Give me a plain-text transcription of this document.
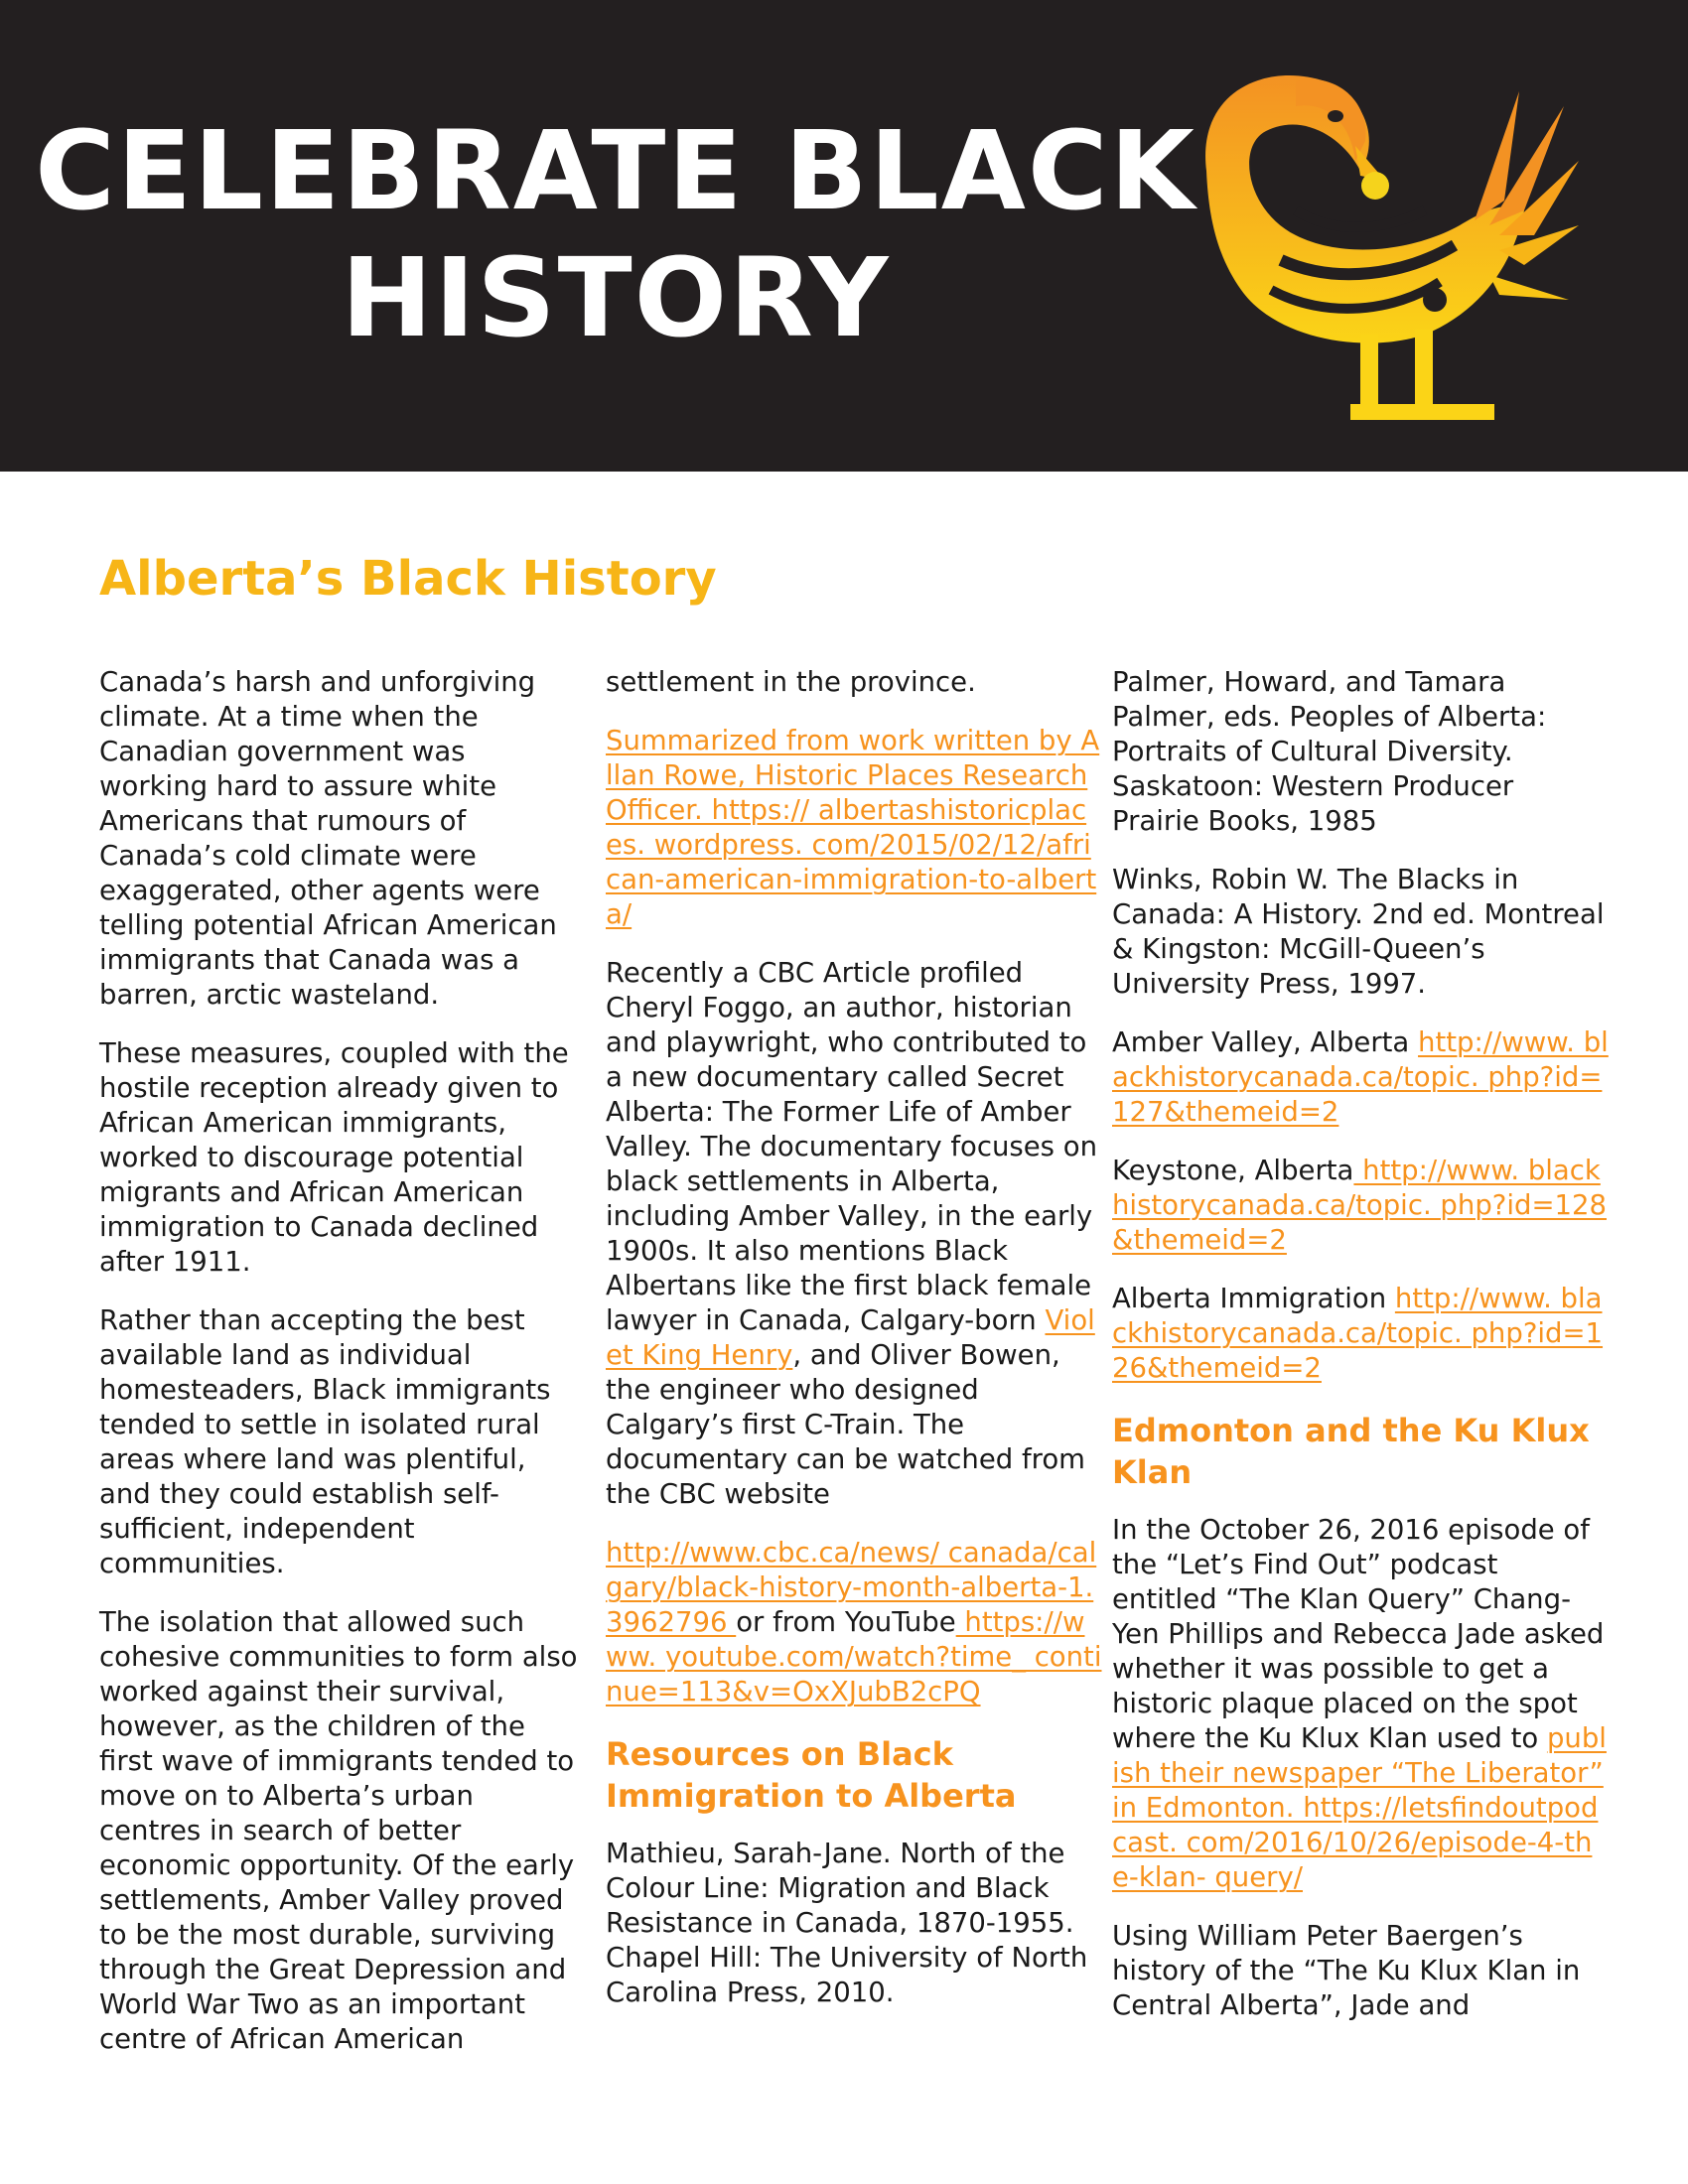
CELEBRATE BLACK
HISTORY
Alberta’s Black History

Canada’s harsh and unforgiving climate. At a time when the Canadian government was working hard to assure white Americans that rumours of Canada’s cold climate were exaggerated, other agents were telling potential African American immigrants that Canada was a barren, arctic wasteland.

These measures, coupled with the hostile reception already given to African American immigrants, worked to discourage potential migrants and African American immigration to Canada declined after 1911.

Rather than accepting the best available land as individual homesteaders, Black immigrants tended to settle in isolated rural areas where land was plentiful, and they could establish self-sufficient, independent communities.

The isolation that allowed such cohesive communities to form also worked against their survival, however, as the children of the first wave of immigrants tended to move on to Alberta’s urban centres in search of better economic opportunity. Of the early settlements, Amber Valley proved to be the most durable, surviving through the Great Depression and World War Two as an important centre of African American

settlement in the province.

Summarized from work written by Allan Rowe, Historic Places Research Officer. https:// albertashistoricplaces. wordpress. com/2015/02/12/african-american-immigration-to-alberta/

Recently a CBC Article profiled Cheryl Foggo, an author, historian and playwright, who contributed to a new documentary called Secret Alberta: The Former Life of Amber Valley. The documentary focuses on black settlements in Alberta, including Amber Valley, in the early 1900s. It also mentions Black Albertans like the first black female lawyer in Canada, Calgary-born Violet King Henry, and Oliver Bowen, the engineer who designed Calgary’s first C-Train. The documentary can be watched from the CBC website

http://www.cbc.ca/news/ canada/calgary/black-history-month-alberta-1.3962796 or from YouTube https://www. youtube.com/watch?time_ continue=113&v=OxXJubB2cPQ

Resources on Black Immigration to Alberta

Mathieu, Sarah-Jane. North of the Colour Line: Migration and Black Resistance in Canada, 1870-1955. Chapel Hill: The University of North Carolina Press, 2010.

Palmer, Howard, and Tamara Palmer, eds. Peoples of Alberta: Portraits of Cultural Diversity. Saskatoon: Western Producer Prairie Books, 1985

Winks, Robin W. The Blacks in Canada: A History. 2nd ed. Montreal & Kingston: McGill-Queen’s University Press, 1997.

Amber Valley, Alberta http://www. blackhistorycanada.ca/topic. php?id=127&themeid=2

Keystone, Alberta http://www. blackhistorycanada.ca/topic. php?id=128&themeid=2

Alberta Immigration http://www. blackhistorycanada.ca/topic. php?id=126&themeid=2

Edmonton and the Ku Klux Klan

In the October 26, 2016 episode of the “Let’s Find Out” podcast entitled “The Klan Query” Chang-Yen Phillips and Rebecca Jade asked whether it was possible to get a historic plaque placed on the spot where the Ku Klux Klan used to publish their newspaper “The Liberator” in Edmonton. https://letsfindoutpodcast. com/2016/10/26/episode-4-the-klan- query/

Using William Peter Baergen’s history of the “The Ku Klux Klan in Central Alberta”, Jade and
